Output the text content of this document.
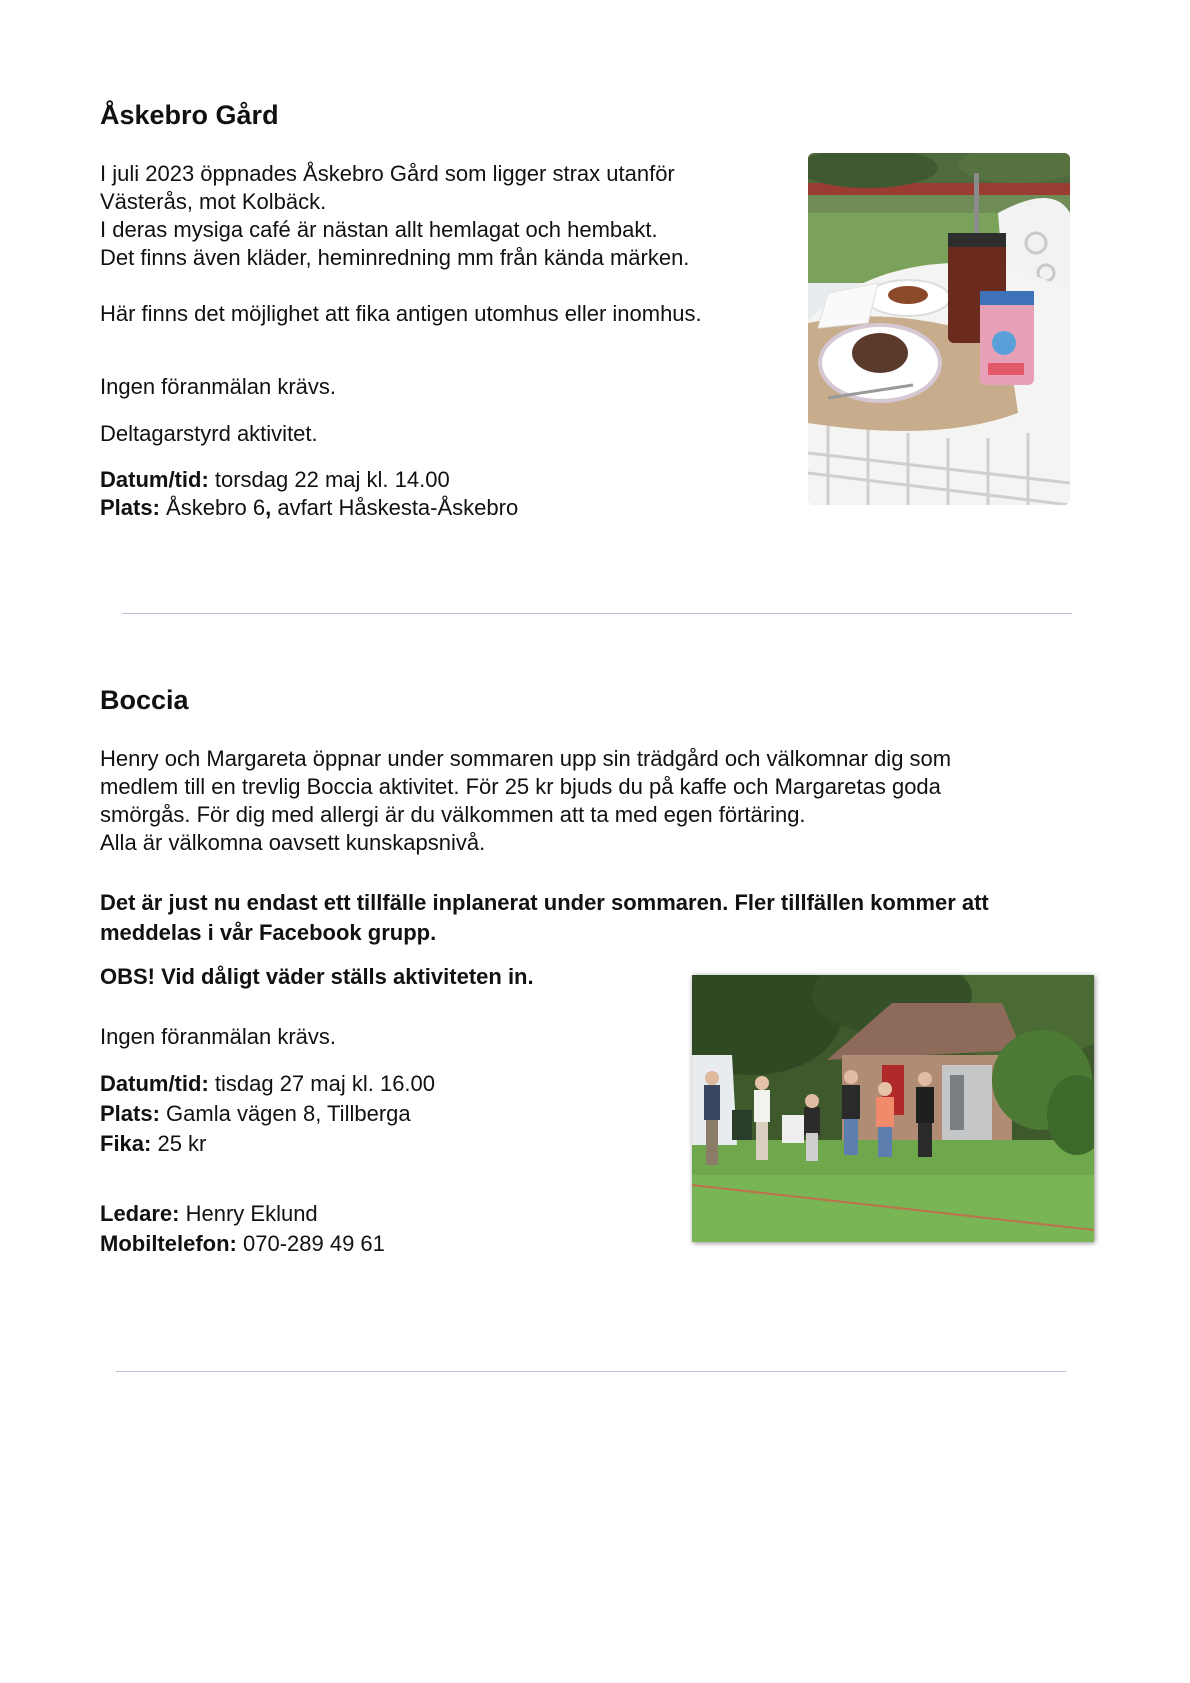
Åskebro Gård

I juli 2023 öppnades Åskebro Gård som ligger strax utanför

Västerås, mot Kolbäck.

I deras mysiga café är nästan allt hemlagat och hembakt.

Det finns även kläder, heminredning mm från kända märken.

Här finns det möjlighet att fika antigen utomhus eller inomhus.

Ingen föranmälan krävs.

Deltagarstyrd aktivitet.

Datum/tid: torsdag 22 maj kl. 14.00

Plats: Åskebro 6, avfart Håskesta-Åskebro

Boccia

Henry och Margareta öppnar under sommaren upp sin trädgård och välkomnar dig som

medlem till en trevlig Boccia aktivitet. För 25 kr bjuds du på kaffe och Margaretas goda

smörgås. För dig med allergi är du välkommen att ta med egen förtäring.

Alla är välkomna oavsett kunskapsnivå.

Det är just nu endast ett tillfälle inplanerat under sommaren. Fler tillfällen kommer att

meddelas i vår Facebook grupp.

OBS! Vid dåligt väder ställs aktiviteten in.

Ingen föranmälan krävs.

Datum/tid: tisdag 27 maj kl. 16.00

Plats: Gamla vägen 8, Tillberga

Fika: 25 kr

Ledare: Henry Eklund

Mobiltelefon: 070-289 49 61
